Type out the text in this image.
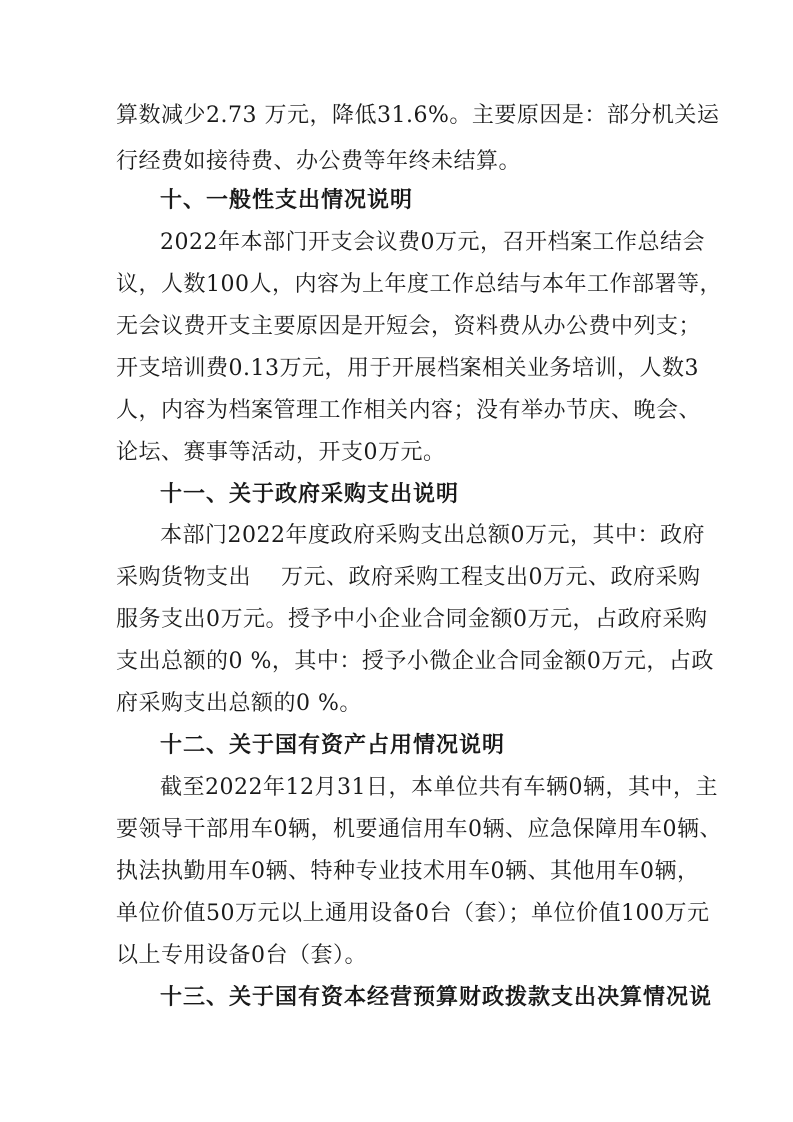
算数减少2.73 万元，降低31.6%。主要原因是：部分机关运
行经费如接待费、办公费等年终未结算。
十、一般性支出情况说明
2022年本部门开支会议费0万元，召开档案工作总结会
议，人数100人，内容为上年度工作总结与本年工作部署等，
无会议费开支主要原因是开短会，资料费从办公费中列支；
开支培训费0.13万元，用于开展档案相关业务培训，人数3
人，内容为档案管理工作相关内容；没有举办节庆、晚会、
论坛、赛事等活动，开支0万元。
十一、关于政府采购支出说明
本部门2022年度政府采购支出总额0万元，其中：政府
采购货物支出　 万元、政府采购工程支出0万元、政府采购
服务支出0万元。授予中小企业合同金额0万元，占政府采购
支出总额的0 %，其中：授予小微企业合同金额0万元，占政
府采购支出总额的0 %。
十二、关于国有资产占用情况说明
截至2022年12月31日，本单位共有车辆0辆，其中，主
要领导干部用车0辆，机要通信用车0辆、应急保障用车0辆、
执法执勤用车0辆、特种专业技术用车0辆、其他用车0辆，
单位价值50万元以上通用设备0台（套）；单位价值100万元
以上专用设备0台（套）。
十三、关于国有资本经营预算财政拨款支出决算情况说
